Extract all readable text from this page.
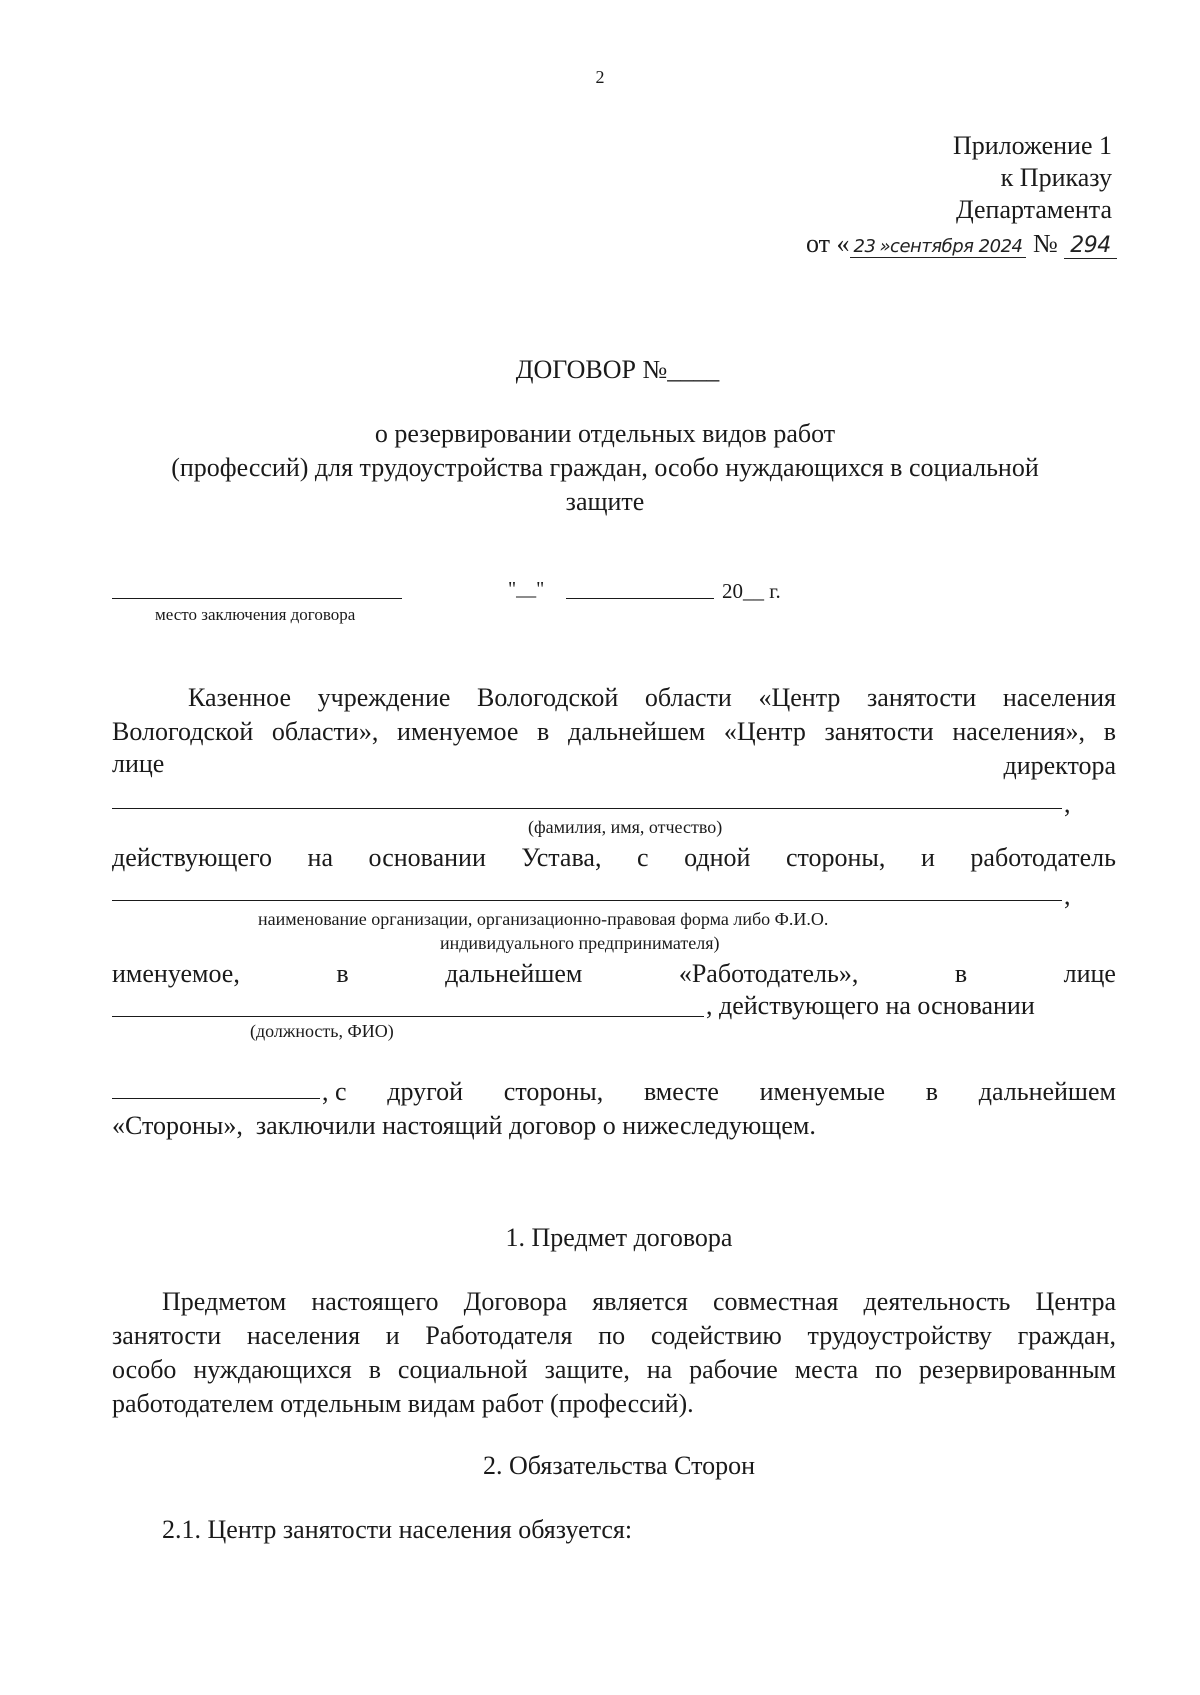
2
Приложение 1
к Приказу
Департамента
от « 23 »сентября 2024 № 294
ДОГОВОР №____
о резервировании отдельных видов работ
(профессий) для трудоустройства граждан, особо нуждающихся в социальной
защите
место заключения договора
"__"	20__ г.
Казенное учреждение Вологодской области «Центр занятости населения
Вологодской области», именуемое в дальнейшем «Центр занятости населения», в
лице	директора
,
(фамилия, имя, отчество)
действующего на основании Устава, с одной стороны, и работодатель
,
наименование организации, организационно-правовая форма либо Ф.И.О.
индивидуального предпринимателя)
именуемое,	в	дальнейшем	«Работодатель»,	в	лице
, действующего на основании
(должность, ФИО)
, с другой стороны, вместе именуемые в дальнейшем
«Стороны»,  заключили настоящий договор о нижеследующем.
1. Предмет договора
Предметом настоящего Договора является совместная деятельность Центра
занятости населения и Работодателя по содействию трудоустройству граждан,
особо нуждающихся в социальной защите, на рабочие места по резервированным
работодателем отдельным видам работ (профессий).
2. Обязательства Сторон
2.1. Центр занятости населения обязуется:
